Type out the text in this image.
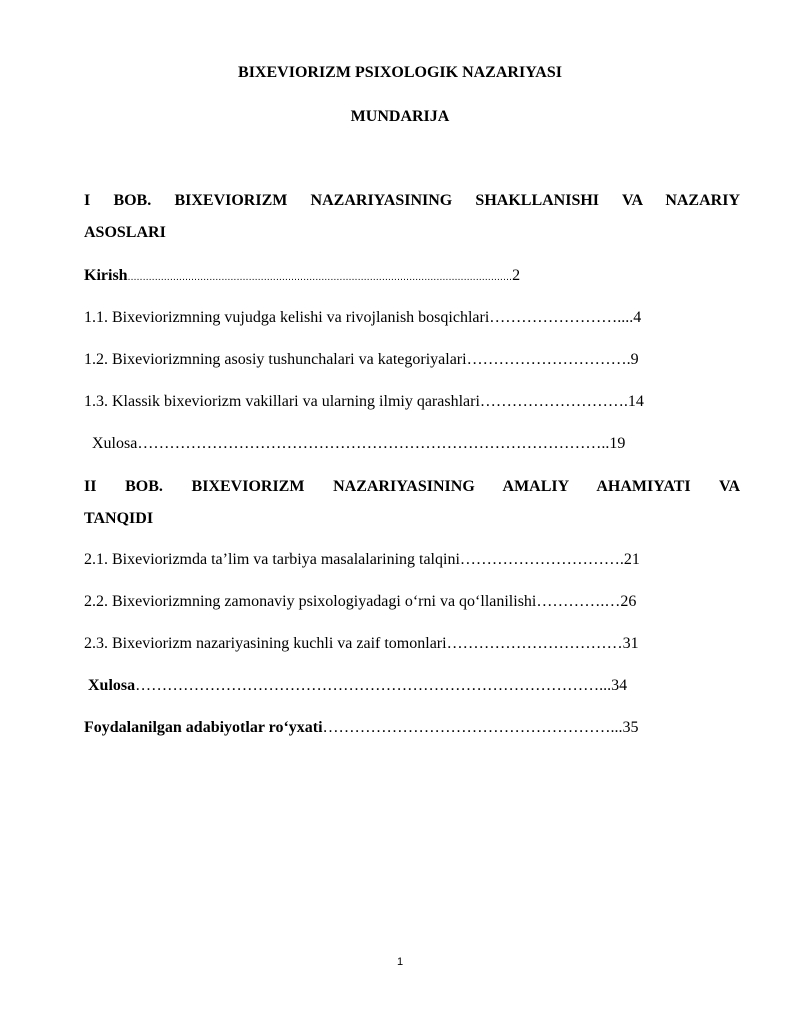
BIXEVIORIZM PSIXOLOGIK NAZARIYASI

MUNDARIJA

I BOB. BIXEVIORIZM NAZARIYASINING SHAKLLANISHI VA NAZARIY
ASOSLARI

Kirish...............................................................................................................................2

1.1. Bixeviorizmning vujudga kelishi va rivojlanish bosqichlari……………………....4

1.2. Bixeviorizmning asosiy tushunchalari va kategoriyalari………………………….9

1.3. Klassik bixeviorizm vakillari va ularning ilmiy qarashlari……………………….14

Xulosa……………………………………………………………………………..19

II BOB. BIXEVIORIZM NAZARIYASINING AMALIY AHAMIYATI VA
TANQIDI

2.1. Bixeviorizmda ta’lim va tarbiya masalalarining talqini………………………….21

2.2. Bixeviorizmning zamonaviy psixologiyadagi o‘rni va qo‘llanilishi………….…26

2.3. Bixeviorizm nazariyasining kuchli va zaif tomonlari……………………………31

Xulosa……………………………………………………………………………...34

Foydalanilgan adabiyotlar ro‘yxati………………………………………………...35

1
